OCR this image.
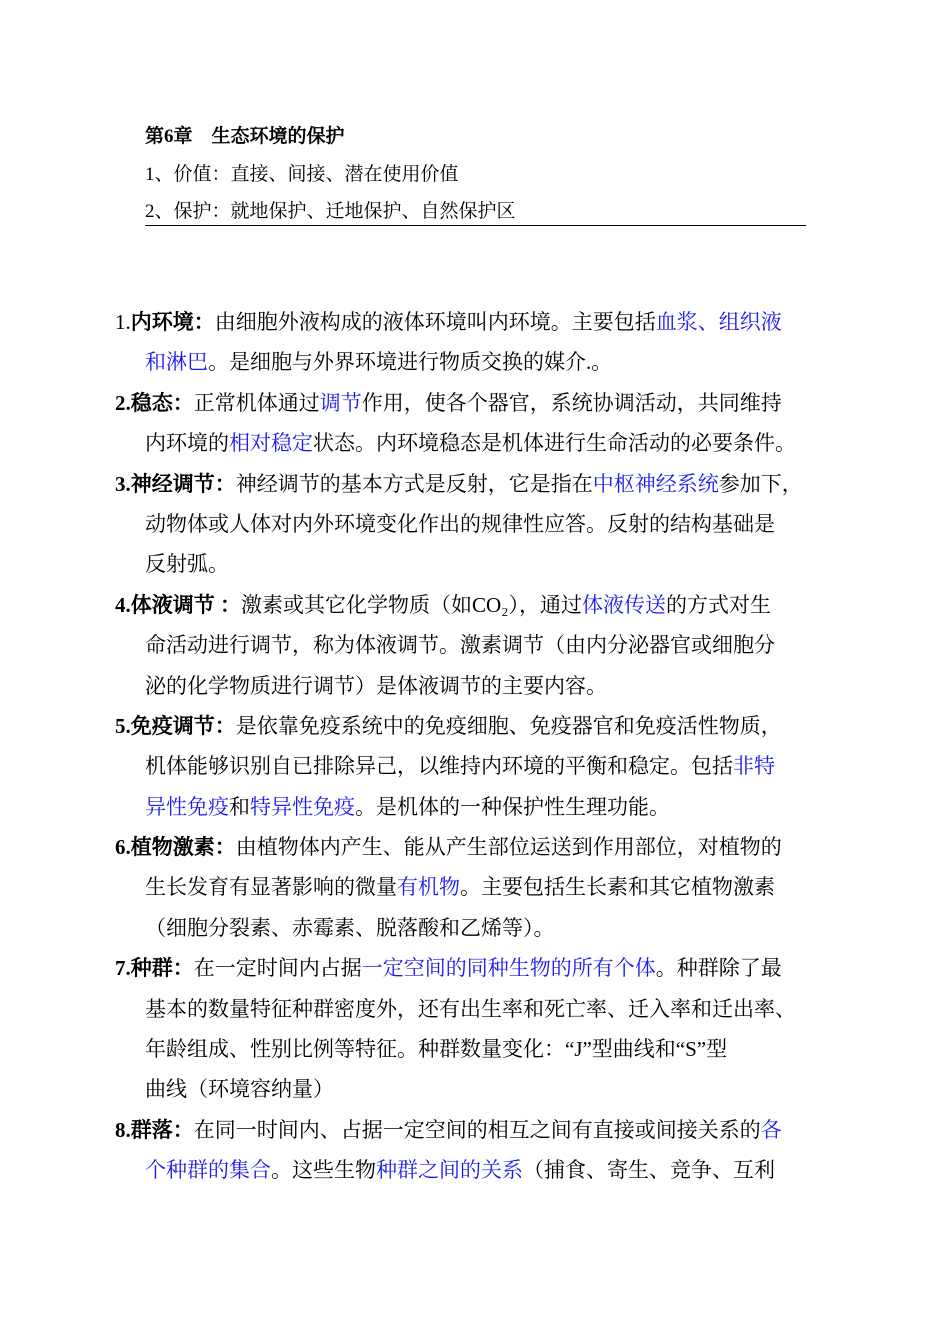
第6章　生态环境的保护
1、价值：直接、间接、潜在使用价值
2、保护：就地保护、迁地保护、自然保护区
1.内环境：由细胞外液构成的液体环境叫内环境。主要包括血浆、组织液
和淋巴。是细胞与外界环境进行物质交换的媒介.。
2.稳态：正常机体通过调节作用，使各个器官，系统协调活动，共同维持
内环境的相对稳定状态。内环境稳态是机体进行生命活动的必要条件。
3.神经调节：神经调节的基本方式是反射，它是指在中枢神经系统参加下，
动物体或人体对内外环境变化作出的规律性应答。反射的结构基础是
反射弧。
4.体液调节 ：激素或其它化学物质（如CO₂），通过体液传送的方式对生
命活动进行调节，称为体液调节。激素调节（由内分泌器官或细胞分
泌的化学物质进行调节）是体液调节的主要内容。
5.免疫调节：是依靠免疫系统中的免疫细胞、免疫器官和免疫活性物质，
机体能够识别自已排除异己，以维持内环境的平衡和稳定。包括非特
异性免疫和特异性免疫。是机体的一种保护性生理功能。
6.植物激素：由植物体内产生、能从产生部位运送到作用部位，对植物的
生长发育有显著影响的微量有机物。主要包括生长素和其它植物激素
（细胞分裂素、赤霉素、脱落酸和乙烯等）。
7.种群：在一定时间内占据一定空间的同种生物的所有个体。种群除了最
基本的数量特征种群密度外，还有出生率和死亡率、迁入率和迁出率、
年龄组成、性别比例等特征。种群数量变化：“J”型曲线和“S”型
曲线（环境容纳量）
8.群落：在同一时间内、占据一定空间的相互之间有直接或间接关系的各
个种群的集合。这些生物种群之间的关系（捕食、寄生、竞争、互利
